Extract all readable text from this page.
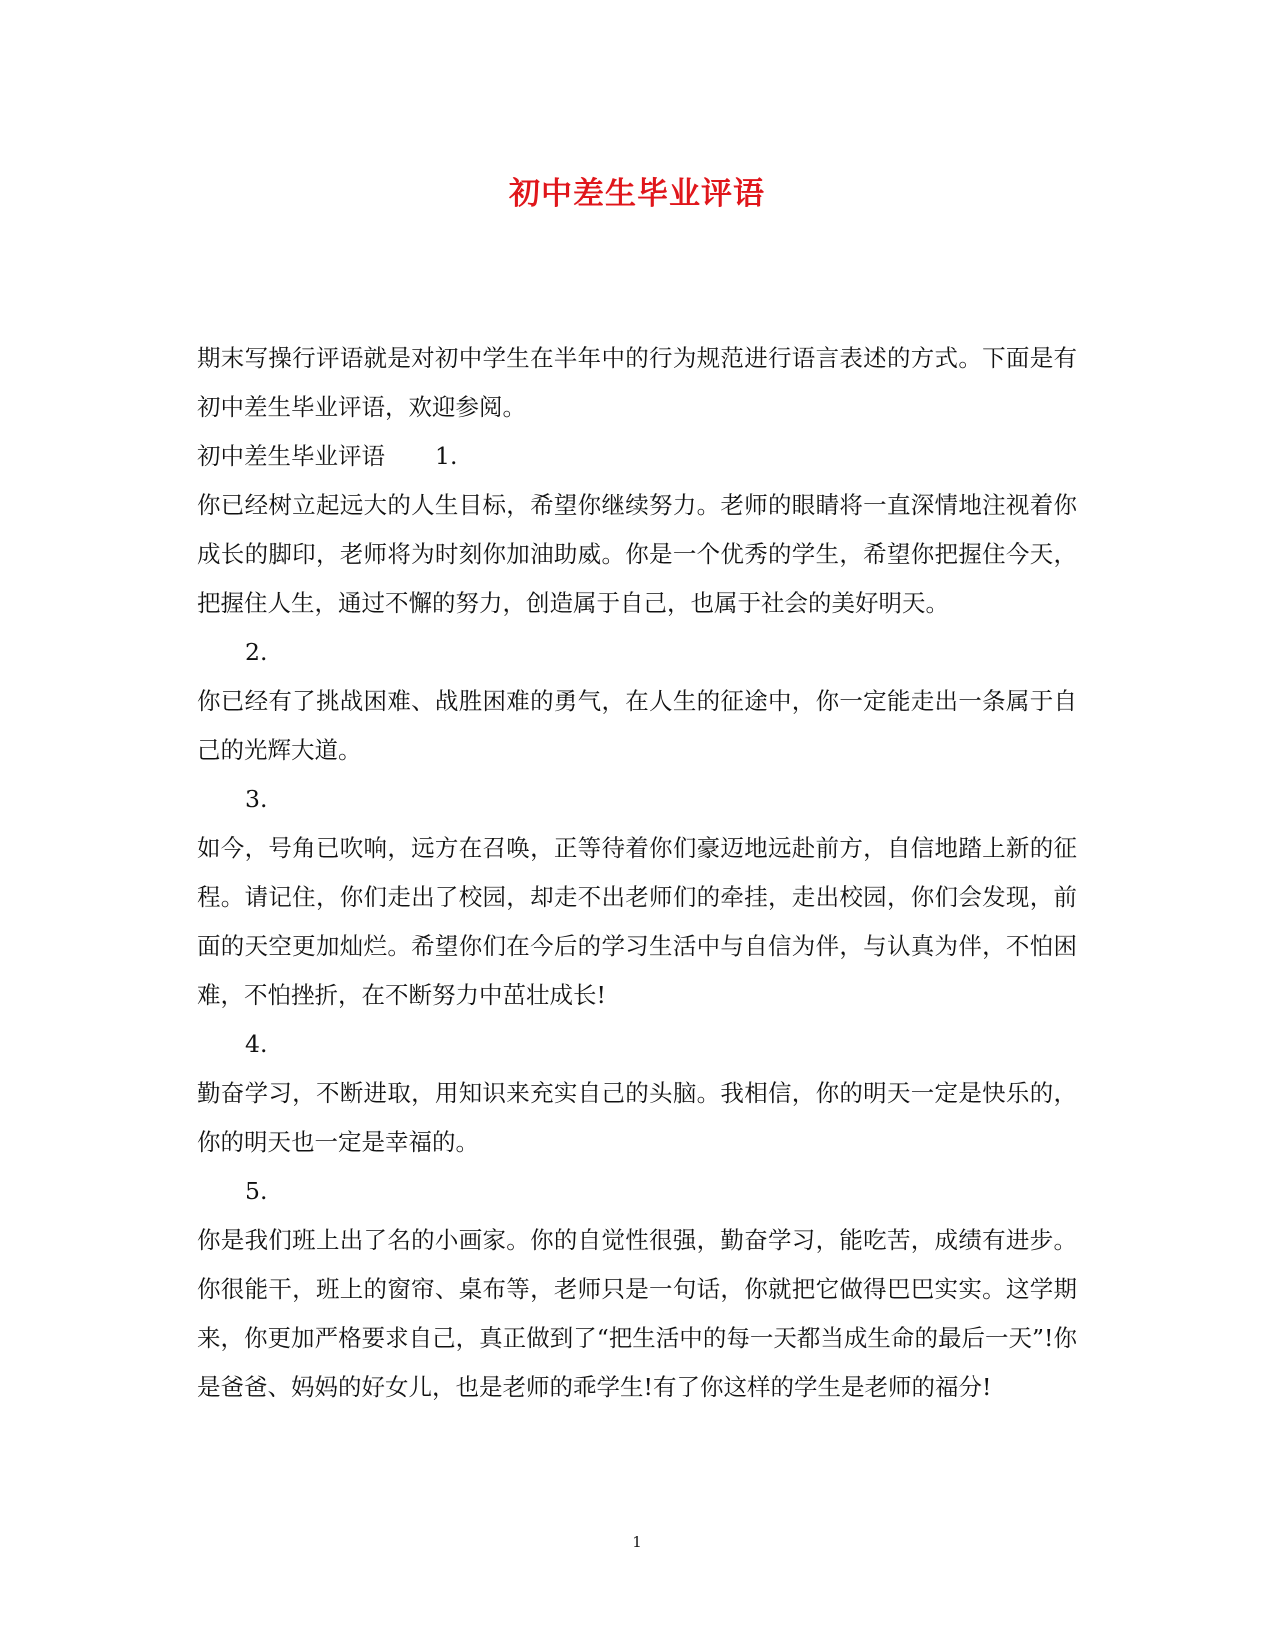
初中差生毕业评语

期末写操行评语就是对初中学生在半年中的行为规范进行语言表述的方式。下面是有初中差生毕业评语，欢迎参阅。

初中差生毕业评语 1.

你已经树立起远大的人生目标，希望你继续努力。老师的眼睛将一直深情地注视着你成长的脚印，老师将为时刻你加油助威。你是一个优秀的学生，希望你把握住今天，把握住人生，通过不懈的努力，创造属于自己，也属于社会的美好明天。

2.

你已经有了挑战困难、战胜困难的勇气，在人生的征途中，你一定能走出一条属于自己的光辉大道。

3.

如今，号角已吹响，远方在召唤，正等待着你们豪迈地远赴前方，自信地踏上新的征程。请记住，你们走出了校园，却走不出老师们的牵挂，走出校园，你们会发现，前面的天空更加灿烂。希望你们在今后的学习生活中与自信为伴，与认真为伴，不怕困难，不怕挫折，在不断努力中茁壮成长!

4.

勤奋学习，不断进取，用知识来充实自己的头脑。我相信，你的明天一定是快乐的，你的明天也一定是幸福的。

5.

你是我们班上出了名的小画家。你的自觉性很强，勤奋学习，能吃苦，成绩有进步。你很能干，班上的窗帘、桌布等，老师只是一句话，你就把它做得巴巴实实。这学期来，你更加严格要求自己，真正做到了“把生活中的每一天都当成生命的最后一天”!你是爸爸、妈妈的好女儿，也是老师的乖学生!有了你这样的学生是老师的福分!

1
